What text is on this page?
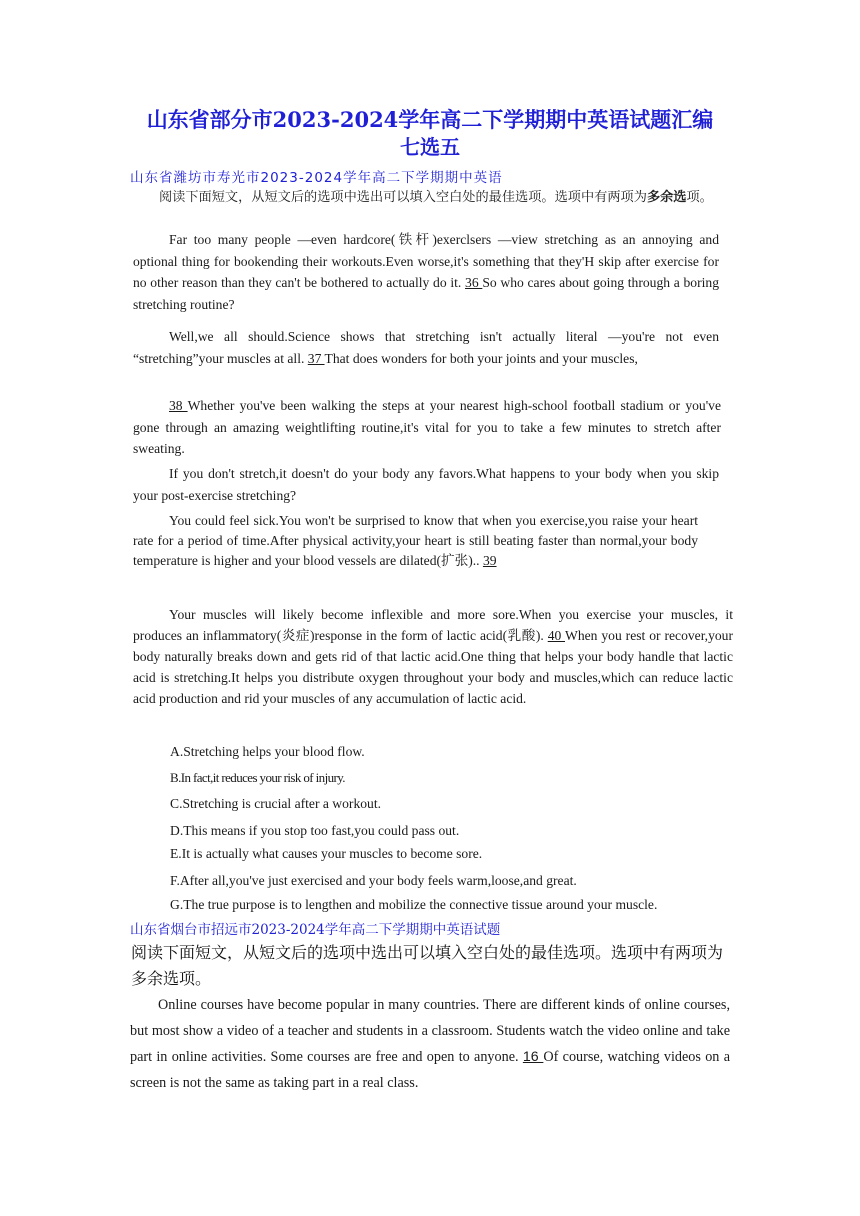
山东省部分市2023-2024学年高二下学期期中英语试题汇编
七选五
山东省潍坊市寿光市2023-2024学年高二下学期期中英语
阅读下面短文，从短文后的选项中选出可以填入空白处的最佳选项。选项中有两项为多余选项。
Far too many people —even hardcore(铁杆)exerclsers —view stretching as an annoying and optional thing for bookending their workouts.Even worse,it's something that they'H skip after exercise for no other reason than they can't be bothered to actually do it. 36 So who cares about going through a boring stretching routine?
Well,we all should.Science shows that stretching isn't actually literal —you're not even “stretching”your muscles at all. 37 That does wonders for both your joints and your muscles,
38 Whether you've been walking the steps at your nearest high-school football stadium or you've gone through an amazing weightlifting routine,it's vital for you to take a few minutes to stretch after sweating.
If you don't stretch,it doesn't do your body any favors.What happens to your body when you skip your post-exercise stretching?
You could feel sick.You won't be surprised to know that when you exercise,you raise your heart rate for a period of time.After physical activity,your heart is still beating faster than normal,your body temperature is higher and your blood vessels are dilated(扩张).. 39
Your muscles will likely become inflexible and more sore.When you exercise your muscles, it produces an inflammatory(炎症)response in the form of lactic acid(乳酸). 40 When you rest or recover,your body naturally breaks down and gets rid of that lactic acid.One thing that helps your body handle that lactic acid is stretching.It helps you distribute oxygen throughout your body and muscles,which can reduce lactic acid production and rid your muscles of any accumulation of lactic acid.
A.Stretching helps your blood flow.
B.In fact,it reduces your risk of injury.
C.Stretching is crucial after a workout.
D.This means if you stop too fast,you could pass out.
E.It is actually what causes your muscles to become sore.
F.After all,you've just exercised and your body feels warm,loose,and great.
G.The true purpose is to lengthen and mobilize the connective tissue around your muscle.
山东省烟台市招远市2023-2024学年高二下学期期中英语试题
阅读下面短文，从短文后的选项中选出可以填入空白处的最佳选项。选项中有两项为多余选项。
Online courses have become popular in many countries. There are different kinds of online courses, but most show a video of a teacher and students in a classroom. Students watch the video online and take part in online activities. Some courses are free and open to anyone. 16 Of course, watching videos on a screen is not the same as taking part in a real class.
